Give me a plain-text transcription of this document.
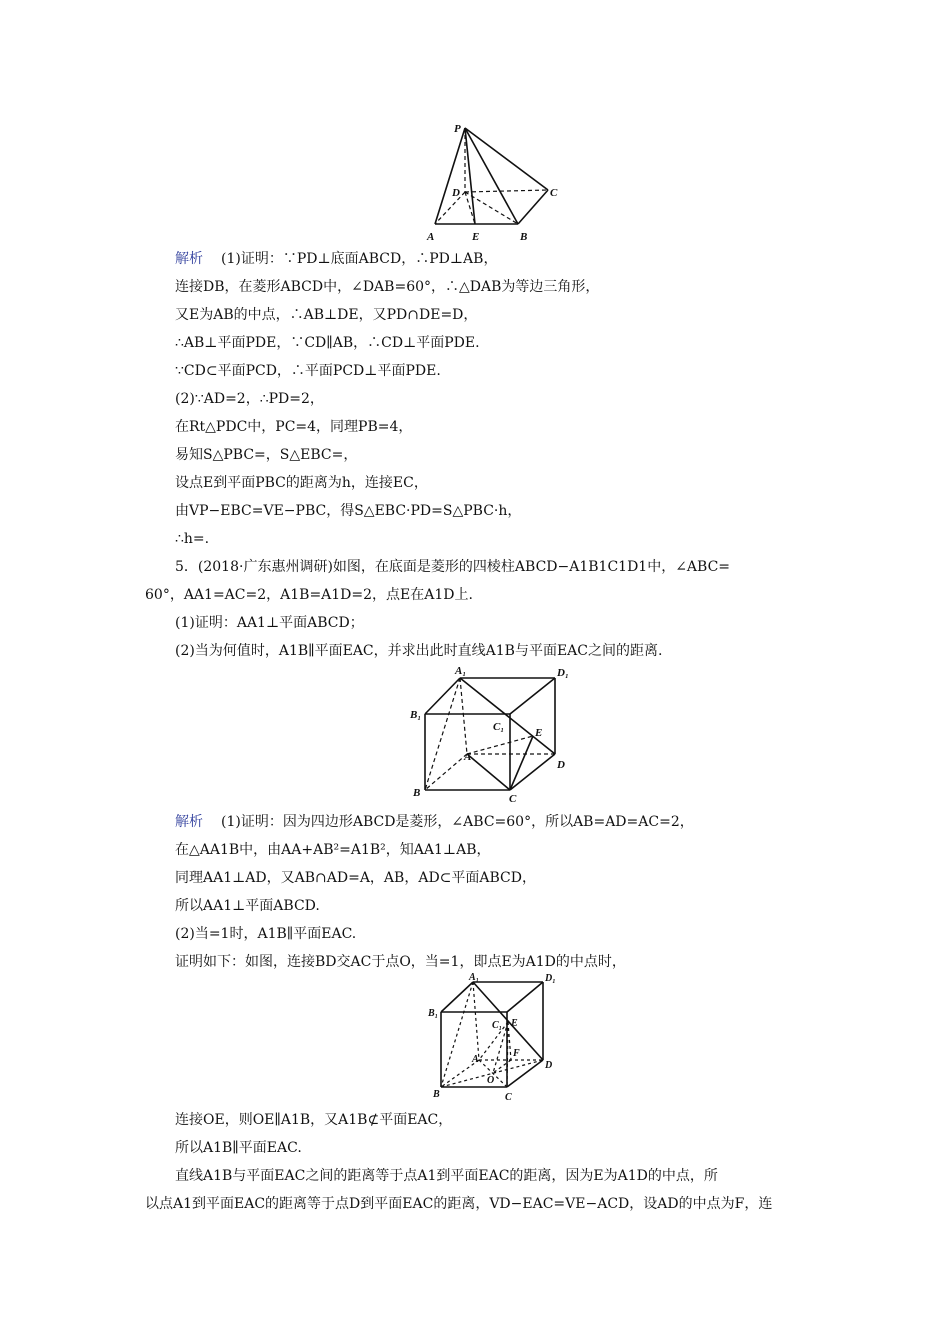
P
D	C
A	E	B
解析 (1)证明：∵PD⊥底面ABCD，∴PD⊥AB，
连接DB，在菱形ABCD中，∠DAB=60°，∴△DAB为等边三角形，
又E为AB的中点，∴AB⊥DE，又PD∩DE=D，
∴AB⊥平面PDE，∵CD∥AB，∴CD⊥平面PDE.
∵CD⊂平面PCD，∴平面PCD⊥平面PDE.
(2)∵AD=2，∴PD=2，
在Rt△PDC中，PC=4，同理PB=4，
易知S△PBC=，S△EBC=，
设点E到平面PBC的距离为h，连接EC，
由VP−EBC=VE−PBC，得S△EBC·PD=S△PBC·h，
∴h=.
5．(2018·广东惠州调研)如图，在底面是菱形的四棱柱ABCD−A1B1C1D1中，∠ABC=
60°，AA1=AC=2，A1B=A1D=2，点E在A1D上.
(1)证明：AA1⊥平面ABCD；
(2)当为何值时，A1B∥平面EAC，并求出此时直线A1B与平面EAC之间的距离.
A₁	D₁
B₁
C₁	E
A
D
B	C
解析 (1)证明：因为四边形ABCD是菱形，∠ABC=60°，所以AB=AD=AC=2，
在△AA1B中，由AA+AB²=A1B²，知AA1⊥AB，
同理AA1⊥AD，又AB∩AD=A，AB，AD⊂平面ABCD，
所以AA1⊥平面ABCD.
(2)当=1时，A1B∥平面EAC.
证明如下：如图，连接BD交AC于点O，当=1，即点E为A1D的中点时，
A₁	D₁
B₁
C₁ E
F
A
O
D
B	C
连接OE，则OE∥A1B，又A1B⊄平面EAC，
所以A1B∥平面EAC.
直线A1B与平面EAC之间的距离等于点A1到平面EAC的距离，因为E为A1D的中点，所
以点A1到平面EAC的距离等于点D到平面EAC的距离，VD−EAC=VE−ACD，设AD的中点为F，连
